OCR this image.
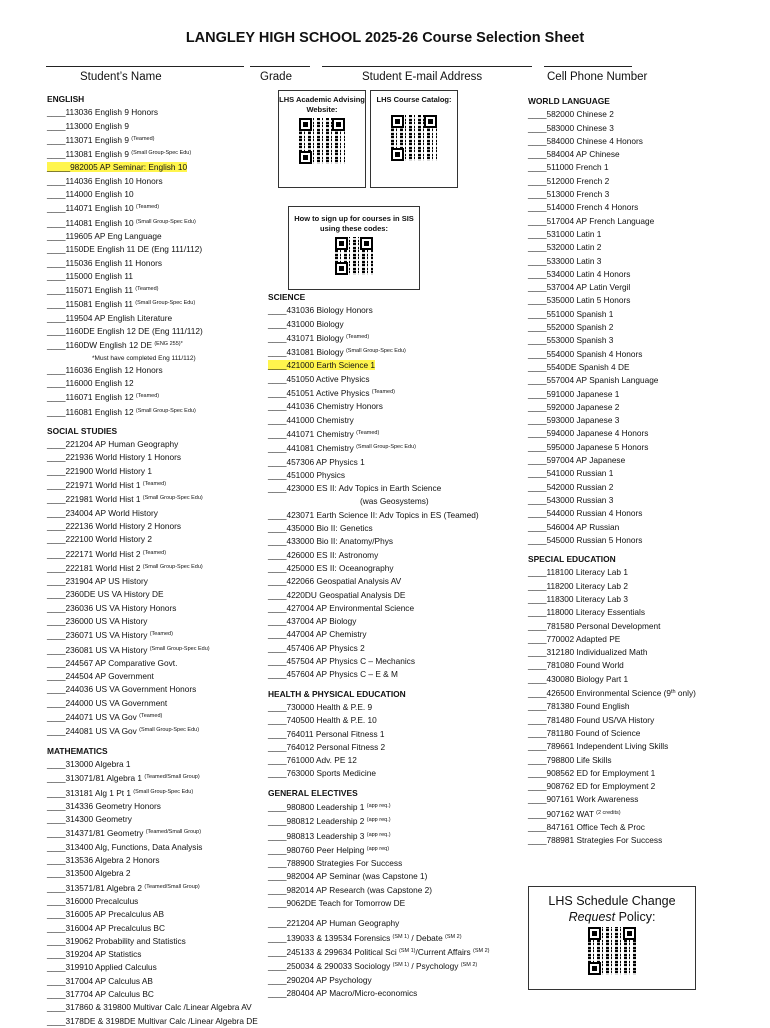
LANGLEY HIGH SCHOOL 2025-26 Course Selection Sheet
Student’s Name	Grade	Student E-mail Address	Cell Phone Number
ENGLISH
____113036 English 9 Honors
____113000 English 9
____113071 English 9 $^{(Teamed)}$
____113081 English 9 $^{(Small Group-Spec Edu)}$
_____982005 AP Seminar: English 10
____114036 English 10 Honors
____114000 English 10
____114071 English 10 $^{(Teamed)}$
____114081 English 10 $^{(Small Group-Spec Edu)}$
____119605 AP Eng Language
____1150DE English 11 DE (Eng 111/112)
____115036 English 11 Honors
____115000 English 11
____115071 English 11 $^{(Teamed)}$
____115081 English 11 $^{(Small Group-Spec Edu)}$
____119504 AP English Literature
____1160DE English 12 DE (Eng 111/112)
____1160DW English 12 DE $^{(ENG 255)*}$
*Must have completed Eng 111/112)
____116036 English 12 Honors
____116000 English 12
____116071 English 12 $^{(Teamed)}$
____116081 English 12 $^{(Small Group-Spec Edu)}$
SOCIAL STUDIES
____221204 AP Human Geography
____221936 World History 1 Honors
____221900 World History 1
____221971 World Hist 1 $^{(Teamed)}$
____221981 World Hist 1 $^{(Small Group-Spec Edu)}$
____234004 AP World History
____222136 World History 2 Honors
____222100 World History 2
____222171 World Hist 2 $^{(Teamed)}$
____222181 World Hist 2 $^{(Small Group-Spec Edu)}$
____231904 AP US History
____2360DE US VA History DE
____236036 US VA History Honors
____236000 US VA History
____236071 US VA History $^{(Teamed)}$
____236081 US VA History $^{(Small Group-Spec Edu)}$
____244567 AP Comparative Govt.
____244504 AP Government
____244036 US VA Government Honors
____244000 US VA Government
____244071 US VA Gov $^{(Teamed)}$
____244081 US VA Gov $^{(Small Group-Spec Edu)}$
MATHEMATICS
____313000 Algebra 1
____313071/81 Algebra 1 $^{(Teamed/Small Group)}$
____313181 Alg 1 Pt 1 $^{(Small Group-Spec Edu)}$
____314336 Geometry Honors
____314300 Geometry
____314371/81 Geometry $^{(Teamed/Small Group)}$
____313400 Alg, Functions, Data Analysis
____313536 Algebra 2 Honors
____313500 Algebra 2
____313571/81 Algebra 2 $^{(Teamed/Small Group)}$
____316000 Precalculus
____316005 AP Precalculus AB
____316004 AP Precalculus BC
____319062 Probability and Statistics
____319204 AP Statistics
____319910 Applied Calculus
____317004 AP Calculus AB
____317704 AP Calculus BC
____317860 & 319800 Multivar Calc /Linear Algebra AV
____3178DE & 3198DE Multivar Calc /Linear Algebra DE
SCIENCE
____431036 Biology Honors
____431000 Biology
____431071 Biology $^{(Teamed)}$
____431081 Biology $^{(Small Group-Spec Edu)}$
____421000 Earth Science 1
____451050 Active Physics
____451051 Active Physics $^{(Teamed)}$
____441036 Chemistry Honors
____441000 Chemistry
____441071 Chemistry $^{(Teamed)}$
____441081 Chemistry $^{(Small Group-Spec Edu)}$
____457306 AP Physics 1
____451000 Physics
____423000 ES II: Adv Topics in Earth Science
(was Geosystems)
____423071 Earth Science II: Adv Topics in ES (Teamed)
____435000 Bio II: Genetics
____433000 Bio II: Anatomy/Phys
____426000 ES II: Astronomy
____425000 ES II: Oceanography
____422066 Geospatial Analysis AV
____4220DU Geospatial Analysis DE
____427004 AP Environmental Science
____437004 AP Biology
____447004 AP Chemistry
____457406 AP Physics 2
____457504 AP Physics C – Mechanics
____457604 AP Physics C – E & M
HEALTH & PHYSICAL EDUCATION
____730000 Health & P.E. 9
____740500 Health & P.E. 10
____764011 Personal Fitness 1
____764012 Personal Fitness 2
____761000 Adv. PE 12
____763000 Sports Medicine
GENERAL ELECTIVES
____980800 Leadership 1 $^{(app req.)}$
____980812 Leadership 2 $^{(app req.)}$
____980813 Leadership 3 $^{(app req.)}$
____980760 Peer Helping $^{(app req)}$
____788900 Strategies For Success
____982004 AP Seminar (was Capstone 1)
____982014 AP Research (was Capstone 2)
____9062DE Teach for Tomorrow DE
____221204 AP Human Geography
____139033 & 139534 Forensics $^{(SM 1)}$ / Debate $^{(SM 2)}$
____245133 & 299634 Political Sci $^{(SM 1)}$/Current Affairs $^{(SM 2)}$
____250034 & 290033 Sociology $^{(SM 1)}$ / Psychology $^{(SM 2)}$
____290204 AP Psychology
____280404 AP Macro/Micro-economics
WORLD LANGUAGE
____582000 Chinese 2
____583000 Chinese 3
____584000 Chinese 4 Honors
____584004 AP Chinese
____511000 French 1
____512000 French 2
____513000 French 3
____514000 French 4 Honors
____517004 AP French Language
____531000 Latin 1
____532000 Latin 2
____533000 Latin 3
____534000 Latin 4 Honors
____537004 AP Latin Vergil
____535000 Latin 5 Honors
____551000 Spanish 1
____552000 Spanish 2
____553000 Spanish 3
____554000 Spanish 4 Honors
____5540DE Spanish 4 DE
____557004 AP Spanish Language
____591000 Japanese 1
____592000 Japanese 2
____593000 Japanese 3
____594000 Japanese 4 Honors
____595000 Japanese 5 Honors
____597004 AP Japanese
____541000 Russian 1
____542000 Russian 2
____543000 Russian 3
____544000 Russian 4 Honors
____546004 AP Russian
____545000 Russian 5 Honors
SPECIAL EDUCATION
____118100 Literacy Lab 1
____118200 Literacy Lab 2
____118300 Literacy Lab 3
____118000 Literacy Essentials
____781580 Personal Development
____770002 Adapted PE
____312180 Individualized Math
____781080 Found World
____430080 Biology Part 1
____426500 Environmental Science (9th only)
____781380 Found English
____781480 Found US/VA History
____781180 Found of Science
____789661 Independent Living Skills
____798800 Life Skills
____908562 ED for Employment 1
____908762 ED for Employment 2
____907161 Work Awareness
____907162 WAT $^{(2 credits)}$
____847161 Office Tech & Proc
____788981 Strategies For Success
LHS Academic Advising Website:
LHS Course Catalog:
How to sign up for courses in SIS using these codes:
LHS Schedule Change
Request Policy:
